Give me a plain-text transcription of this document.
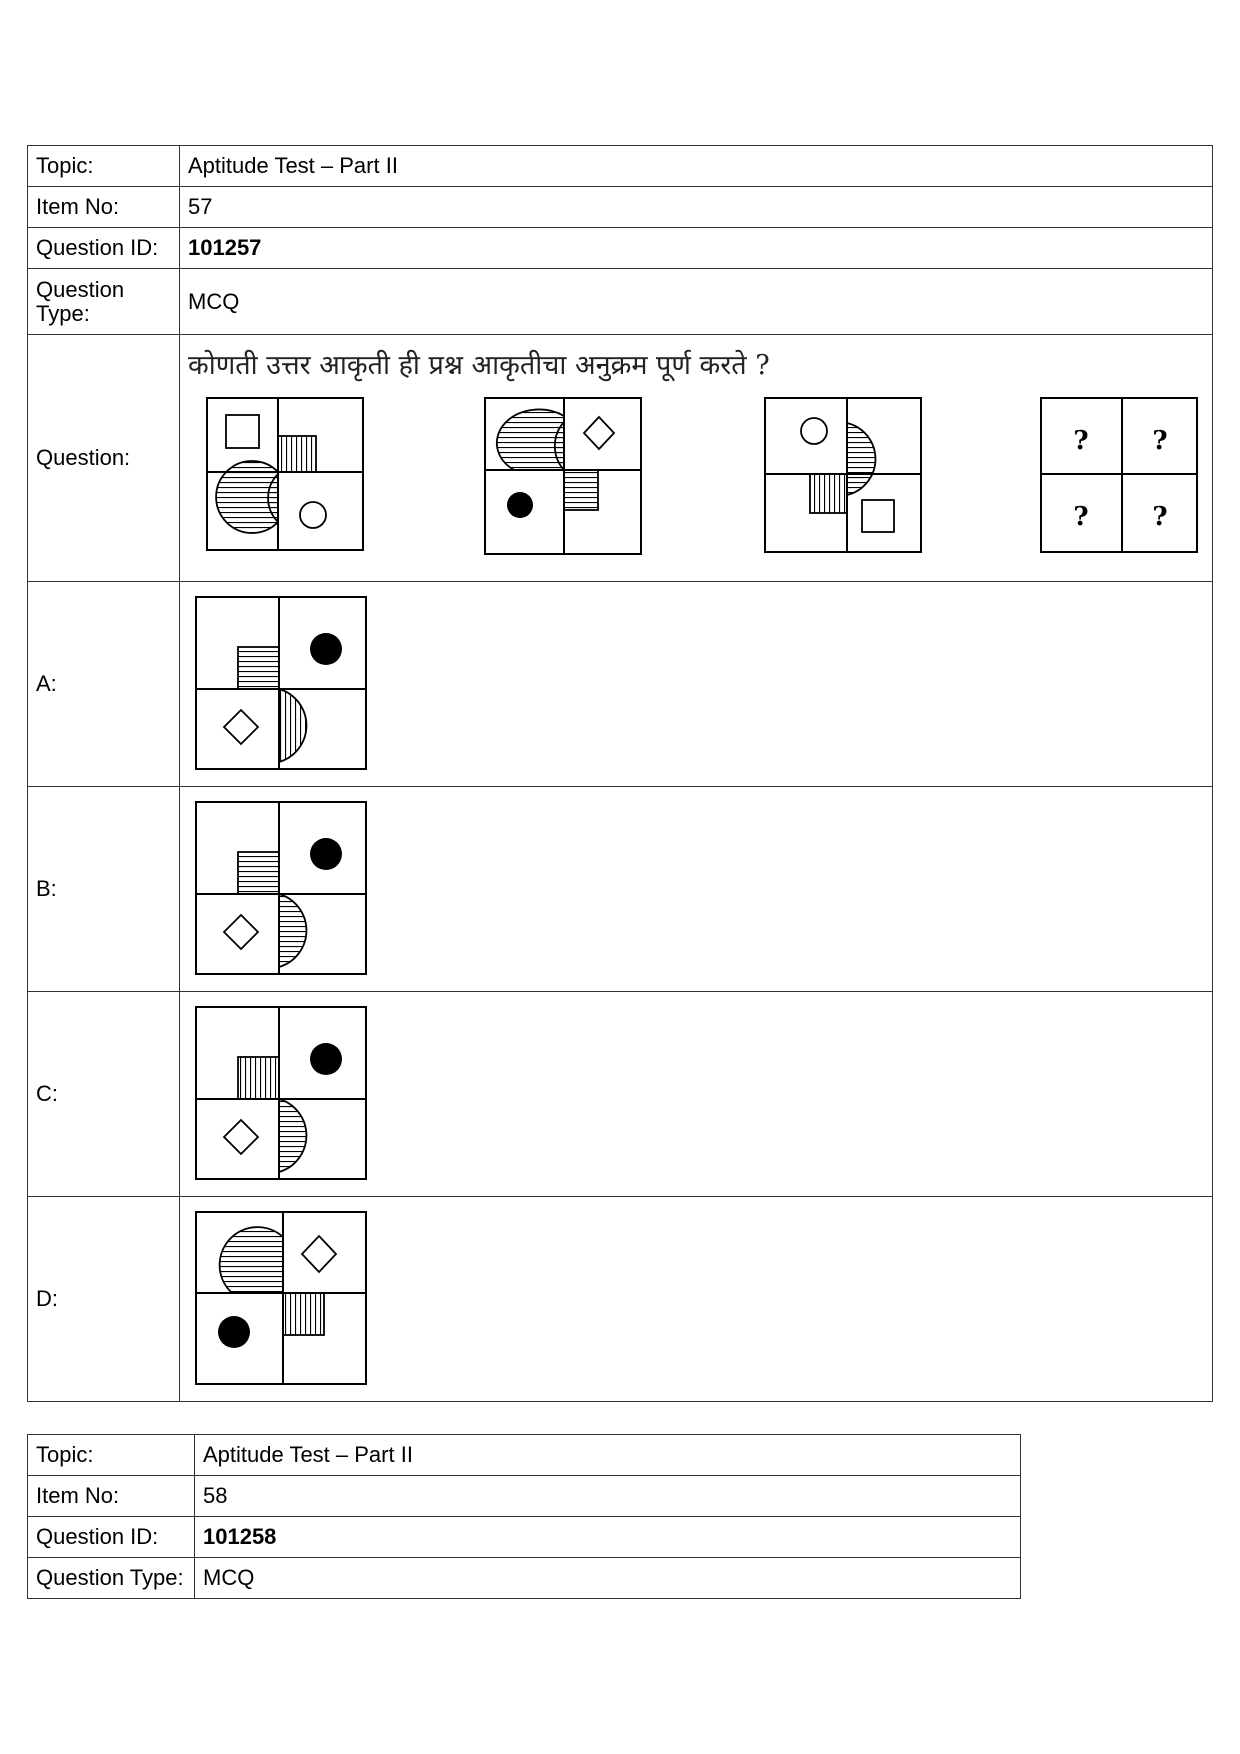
Topic:	Aptitude Test – Part II
Item No:	57
Question ID:	101257
Question Type:	MCQ
Question:	कोणती उत्तर आकृती ही प्रश्न आकृतीचा अनुक्रम पूर्ण करते ?
? ?
? ?

A:	

B:	

C:	

D:	
Topic:	Aptitude Test – Part II
Item No:	58
Question ID:	101258
Question Type:	MCQ
